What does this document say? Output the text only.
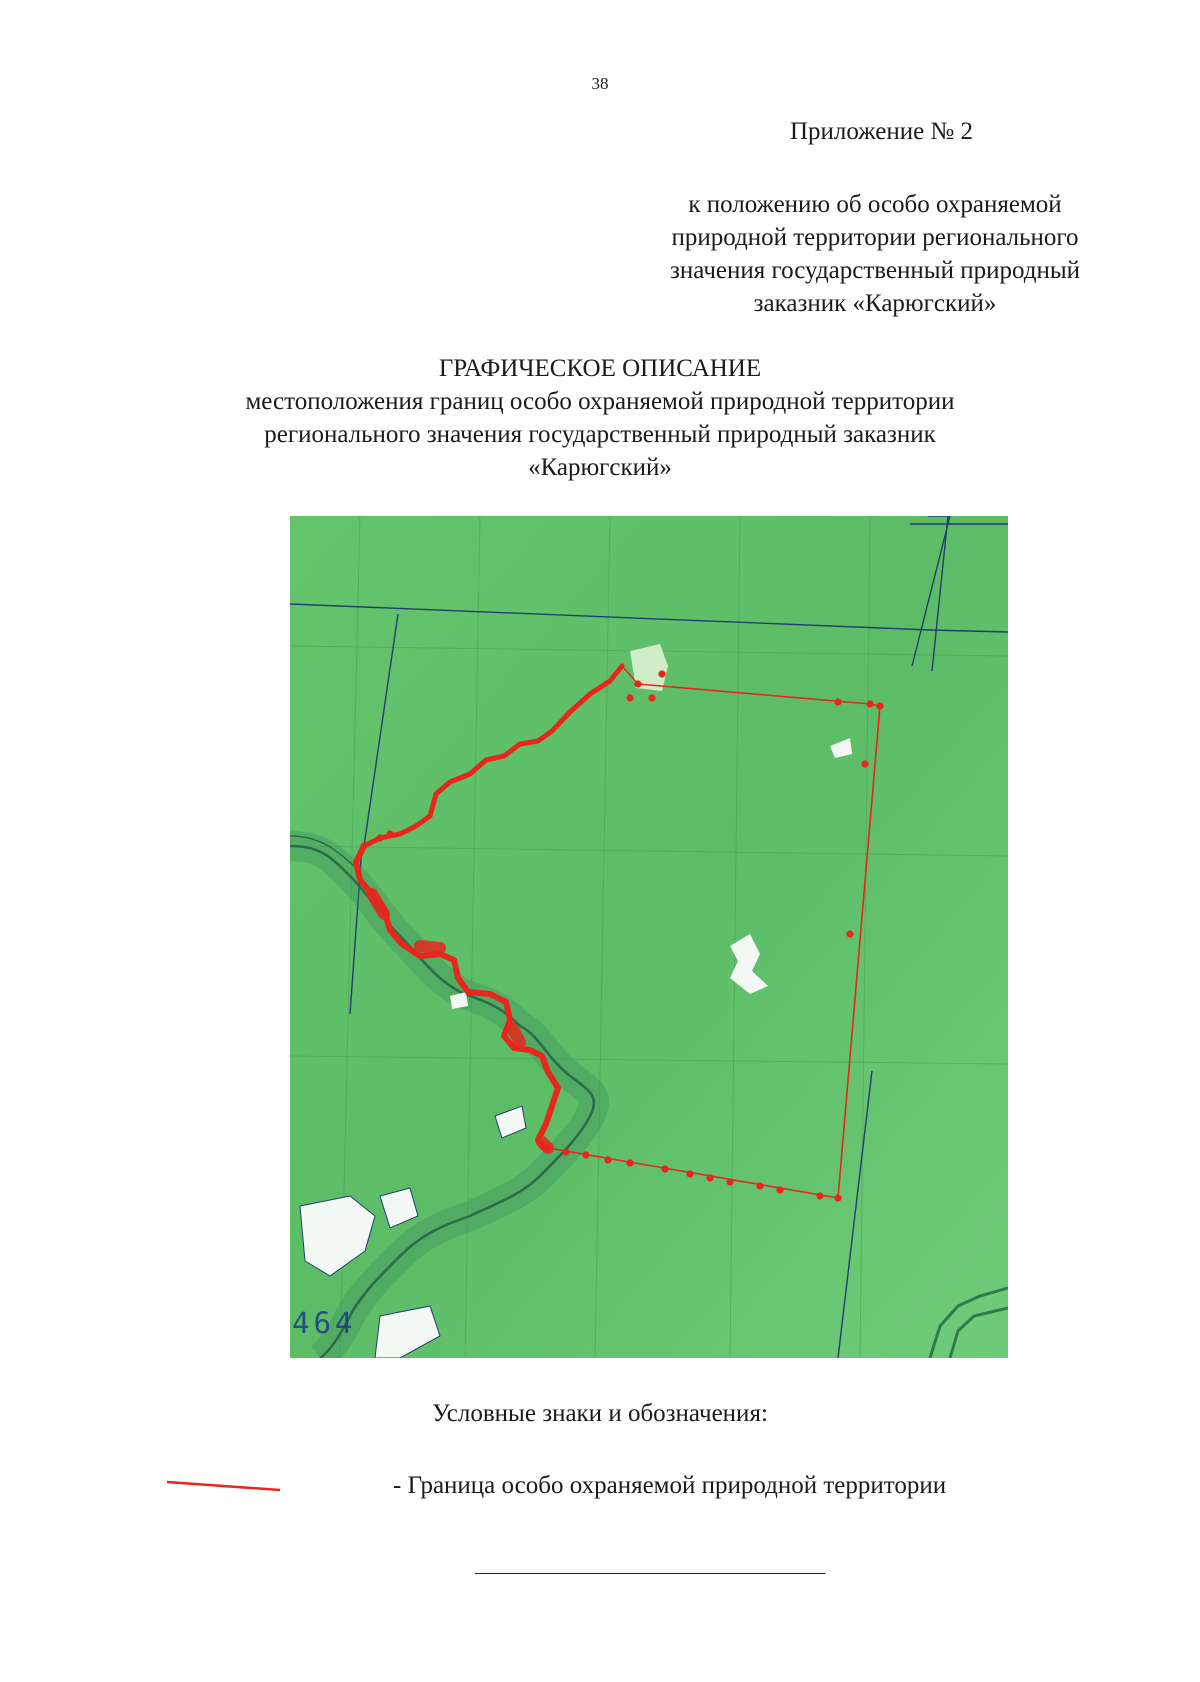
38
Приложение № 2
к положению об особо охраняемой
природной территории регионального
значения государственный природный
заказник «Карюгский»
ГРАФИЧЕСКОЕ ОПИСАНИЕ
местоположения границ особо охраняемой природной территории
регионального значения государственный природный заказник
«Карюгский»
464
Условные знаки и обозначения:
- Граница особо охраняемой природной территории
